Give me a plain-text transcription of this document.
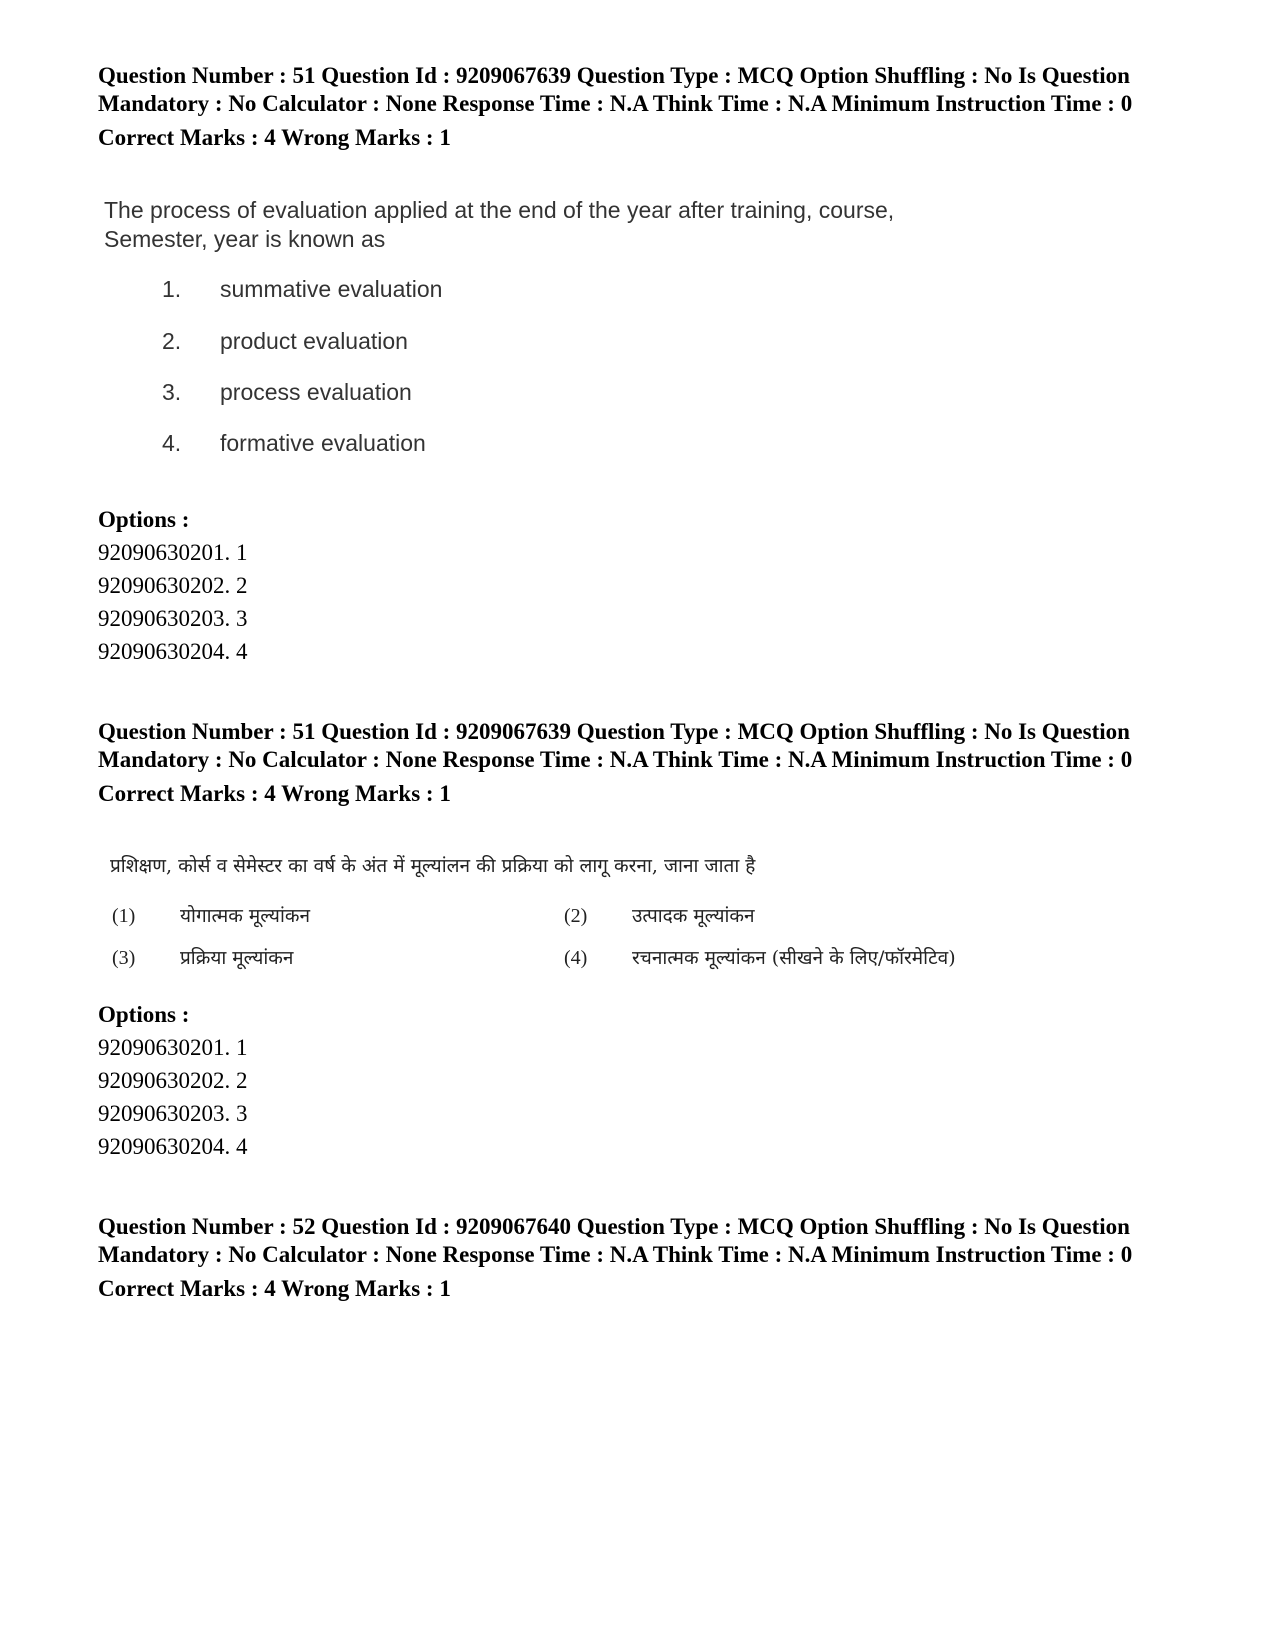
Question Number : 51 Question Id : 9209067639 Question Type : MCQ Option Shuffling : No Is Question Mandatory : No Calculator : None Response Time : N.A Think Time : N.A Minimum Instruction Time : 0

Correct Marks : 4 Wrong Marks : 1

The process of evaluation applied at the end of the year after training, course, Semester, year is known as
1. summative evaluation
2. product evaluation
3. process evaluation
4. formative evaluation
Options :
92090630201. 1
92090630202. 2
92090630203. 3
92090630204. 4

Question Number : 51 Question Id : 9209067639 Question Type : MCQ Option Shuffling : No Is Question Mandatory : No Calculator : None Response Time : N.A Think Time : N.A Minimum Instruction Time : 0

Correct Marks : 4 Wrong Marks : 1

प्रशिक्षण, कोर्स व सेमेस्टर का वर्ष के अंत में मूल्यांलन की प्रक्रिया को लागू करना, जाना जाता है
(1) योगात्मक मूल्यांकन	(2) उत्पादक मूल्यांकन
(3) प्रक्रिया मूल्यांकन	(4) रचनात्मक मूल्यांकन (सीखने के लिए/फॉरमेटिव)
Options :
92090630201. 1
92090630202. 2
92090630203. 3
92090630204. 4

Question Number : 52 Question Id : 9209067640 Question Type : MCQ Option Shuffling : No Is Question Mandatory : No Calculator : None Response Time : N.A Think Time : N.A Minimum Instruction Time : 0

Correct Marks : 4 Wrong Marks : 1
